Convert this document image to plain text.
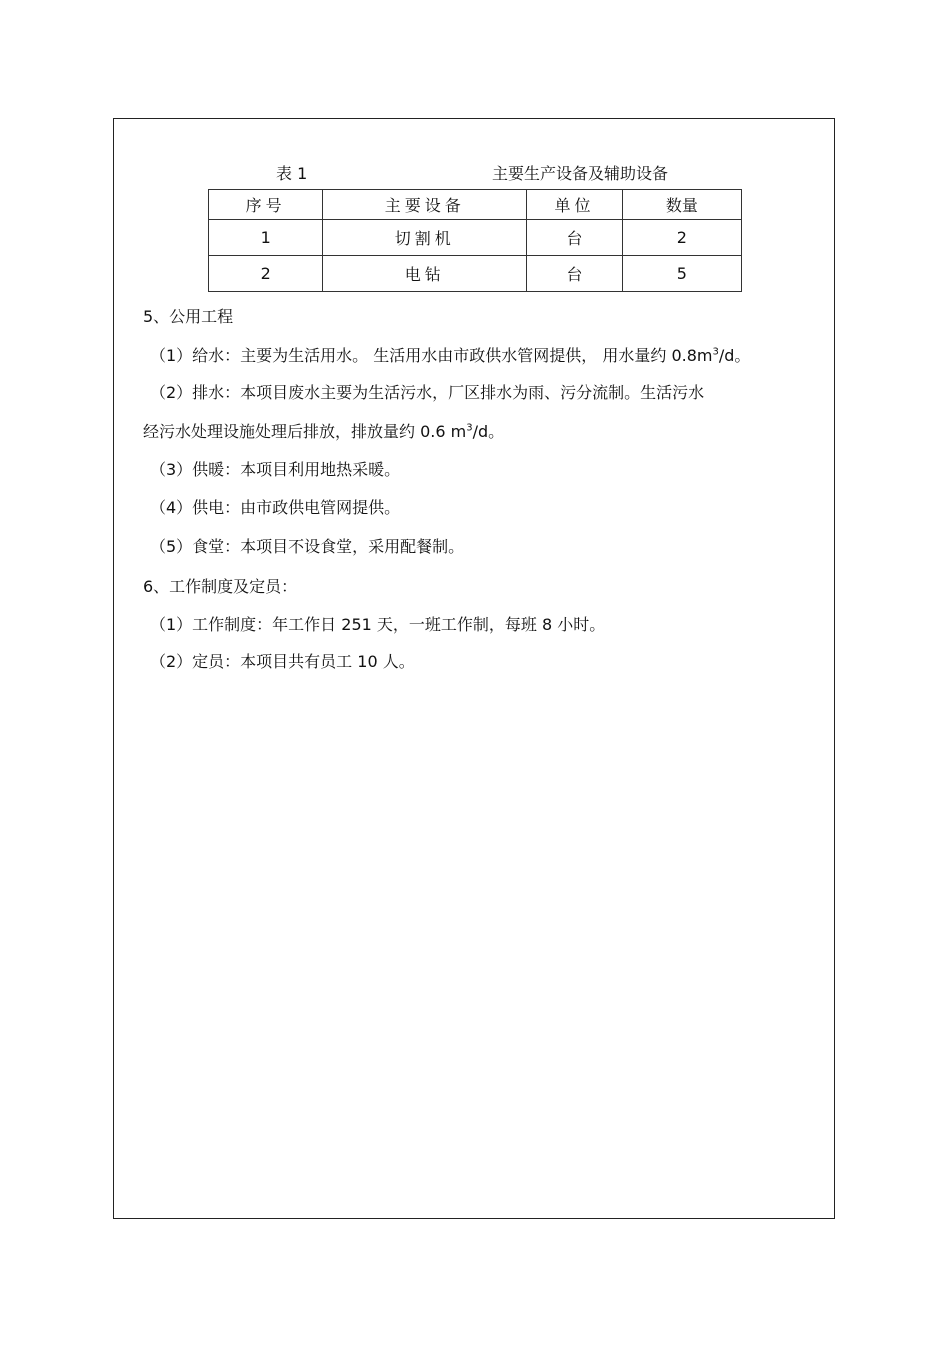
表 1	主要生产设备及辅助设备
序号	主要设备	单位	数量
1	切割机	台	2
2	电钻	台	5
5、公用工程
（1）给水：主要为生活用水。 生活用水由市政供水管网提供， 用水量约 $0.8m^3/d$。
（2）排水：本项目废水主要为生活污水，厂区排水为雨、污分流制。生活污水
经污水处理设施处理后排放，排放量约 0.6 $m^3/d$。
（3）供暖：本项目利用地热采暖。
（4）供电：由市政供电管网提供。
（5）食堂：本项目不设食堂，采用配餐制。
6、工作制度及定员：
（1）工作制度：年工作日 251 天，一班工作制，每班 8 小时。
（2）定员：本项目共有员工 10 人。
